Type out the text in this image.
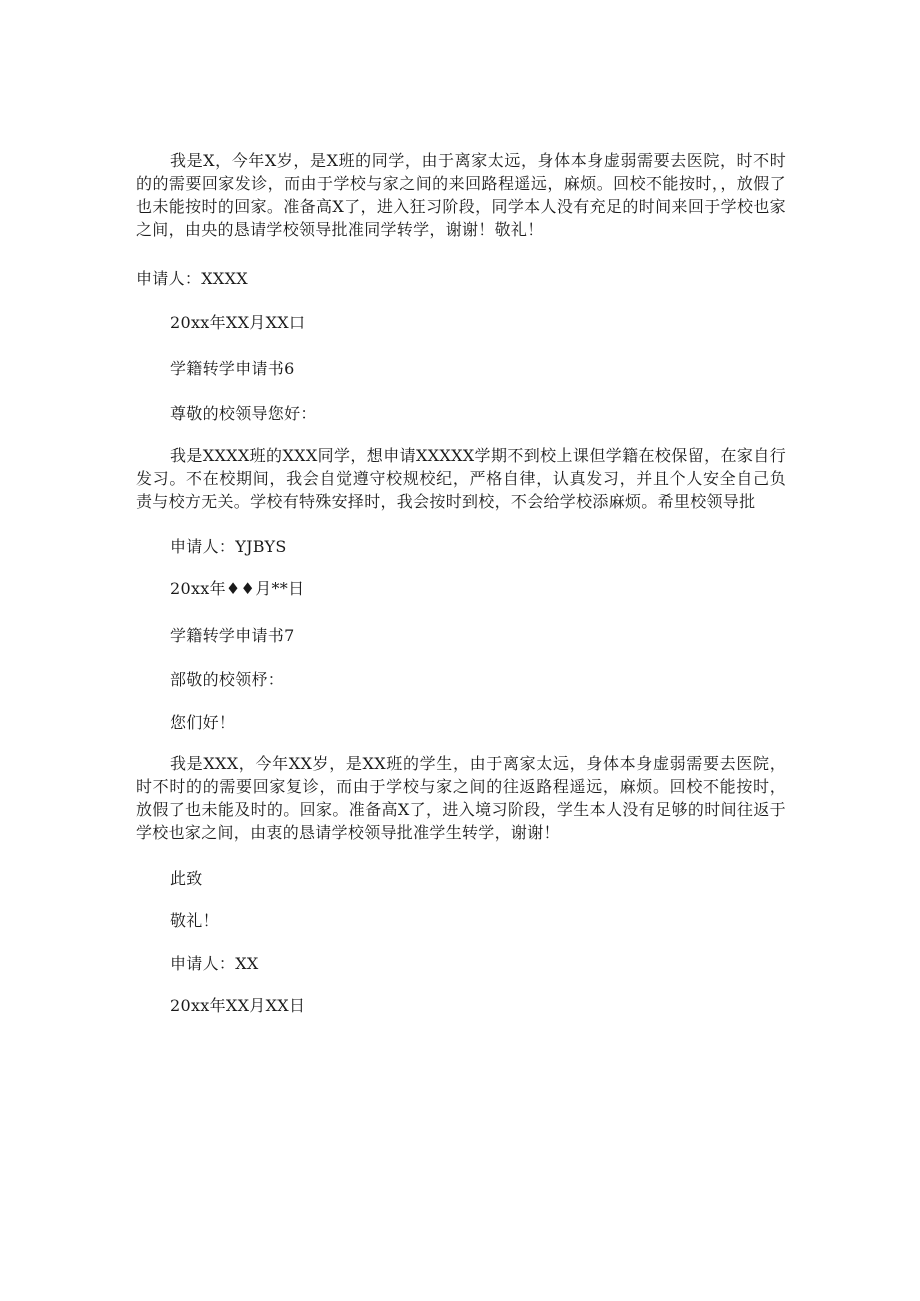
我是X，今年X岁，是X班的同学，由于离家太远，身体本身虚弱需要去医院，时不时的的需要回家发诊，而由于学校与家之间的来回路程遥远，麻烦。回校不能按时，，放假了也未能按时的回家。准备高X了，进入狂习阶段，同学本人没有充足的时间来回于学校也家之间，由央的恳请学校领导批准同学转学，谢谢！敬礼！

申请人：XXXX

20xx年XX月XX口

学籍转学申请书6

尊敬的校领导您好：

我是XXXX班的XXX同学，想申请XXXXX学期不到校上课但学籍在校保留，在家自行发习。不在校期间，我会自觉遵守校规校纪，严格自律，认真发习，并且个人安全自己负责与校方无关。学校有特殊安择时，我会按时到校，不会给学校添麻烦。希里校领导批

申请人：YJBYS

20xx年♦♦月**日

学籍转学申请书7

部敬的校领杼：

您们好！

我是XXX，今年XX岁，是XX班的学生，由于离家太远，身体本身虚弱需要去医院，时不时的的需要回家复诊，而由于学校与家之间的往返路程遥远，麻烦。回校不能按时，放假了也未能及时的。回家。准备高X了，进入境习阶段，学生本人没有足够的时间往返于学校也家之间，由衷的恳请学校领导批准学生转学，谢谢！

此致

敬礼！

申请人：XX

20xx年XX月XX日
